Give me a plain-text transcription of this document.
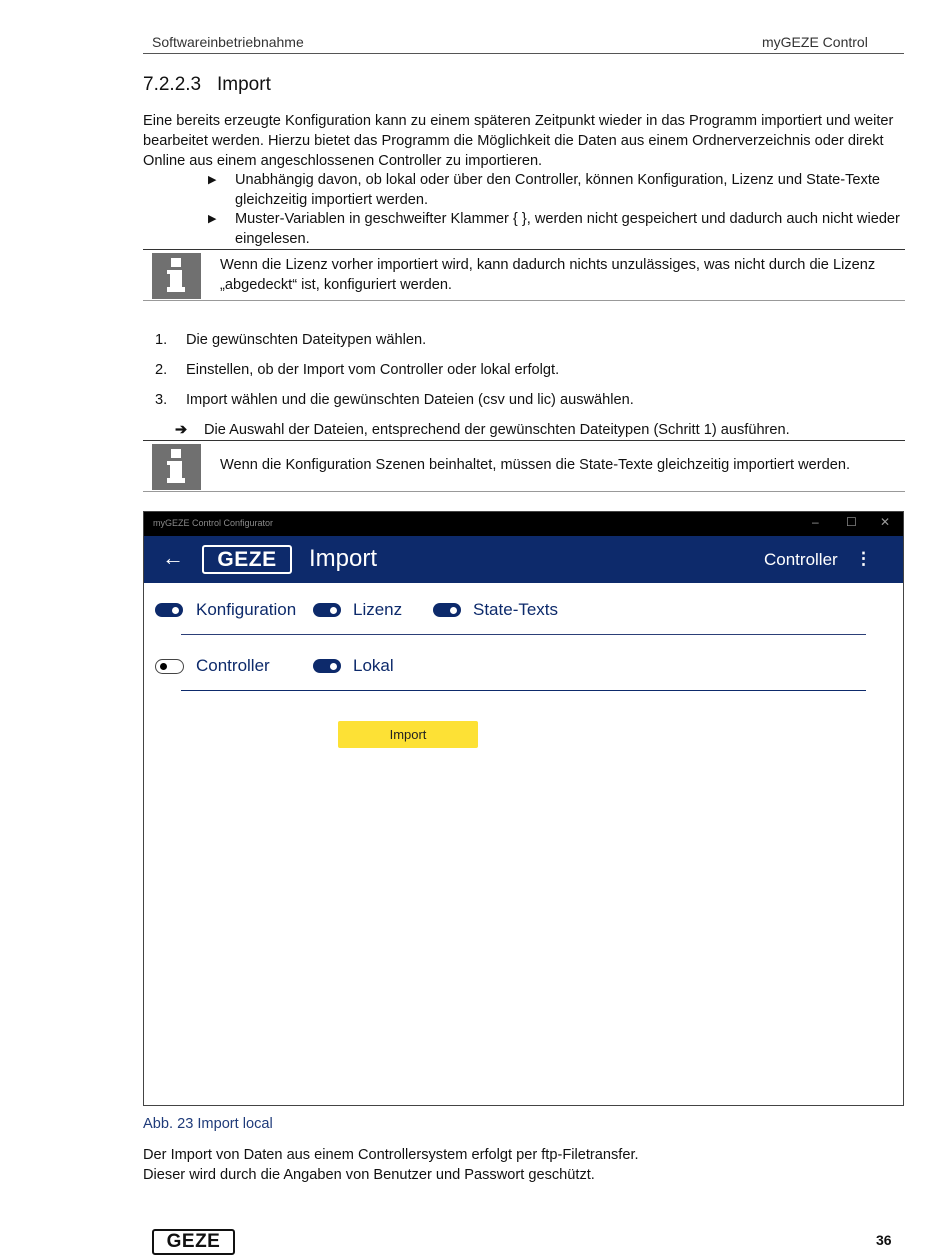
Softwareinbetriebnahme	myGEZE Control
7.2.2.3 Import
Eine bereits erzeugte Konfiguration kann zu einem späteren Zeitpunkt wieder in das Programm importiert und weiter bearbeitet werden. Hierzu bietet das Programm die Möglichkeit die Daten aus einem Ordnerverzeichnis oder direkt Online aus einem angeschlossenen Controller zu importieren.
▶ Unabhängig davon, ob lokal oder über den Controller, können Konfiguration, Lizenz und State-Texte gleichzeitig importiert werden.
▶ Muster-Variablen in geschweifter Klammer { }, werden nicht gespeichert und dadurch auch nicht wieder eingelesen.
Wenn die Lizenz vorher importiert wird, kann dadurch nichts unzulässiges, was nicht durch die Lizenz „abgedeckt“ ist, konfiguriert werden.
1. Die gewünschten Dateitypen wählen.
2. Einstellen, ob der Import vom Controller oder lokal erfolgt.
3. Import wählen und die gewünschten Dateien (csv und lic) auswählen.
➔ Die Auswahl der Dateien, entsprechend der gewünschten Dateitypen (Schritt 1) ausführen.
Wenn die Konfiguration Szenen beinhaltet, müssen die State-Texte gleichzeitig importiert werden.
myGEZE Control Configurator	– ☐ ✕
←	GEZE	Import	Controller ⋮
Konfiguration	Lizenz	State-Texts
Controller	Lokal
Import
Abb. 23 Import local
Der Import von Daten aus einem Controllersystem erfolgt per ftp-Filetransfer.
Dieser wird durch die Angaben von Benutzer und Passwort geschützt.
GEZE	36
